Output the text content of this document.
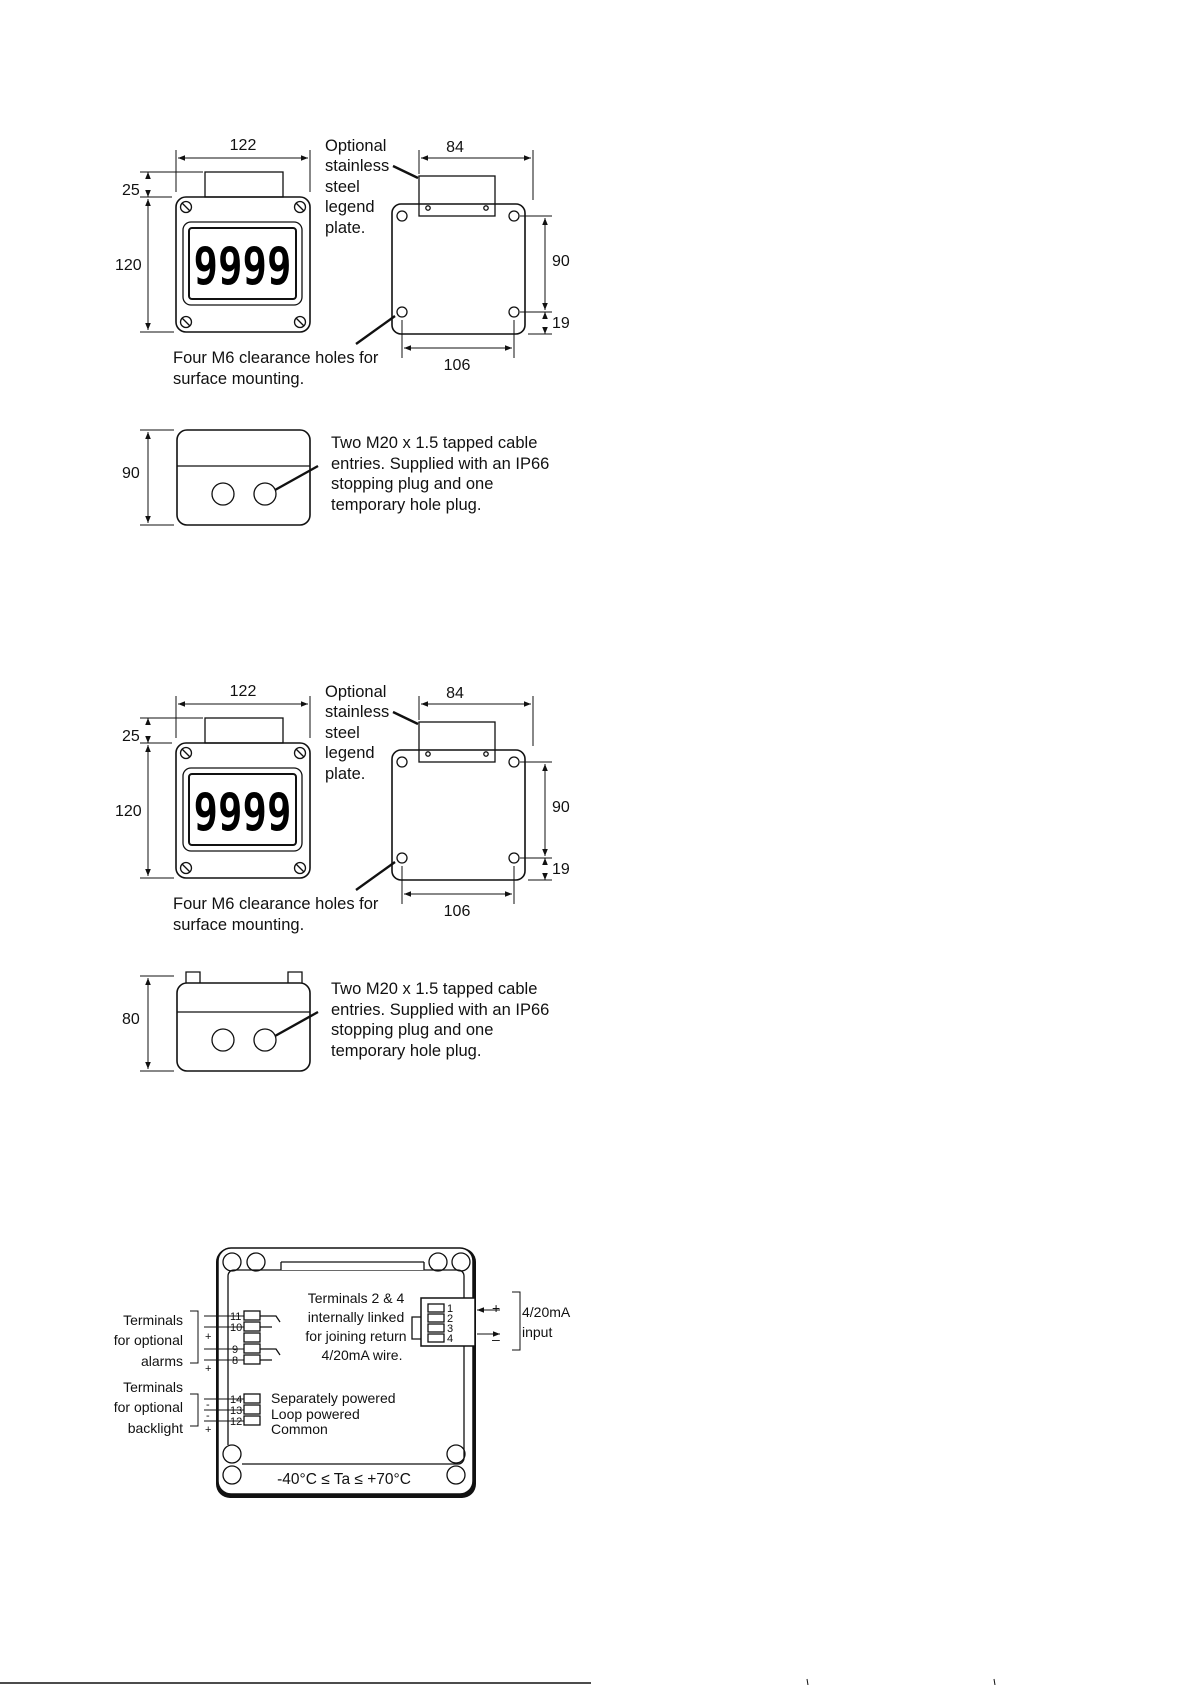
9999
122
25
120
84
90
19
106
90
Optional
stainless
steel
legend
plate.
Four M6 clearance holes for
surface mounting.
Two M20 x 1.5 tapped cable
entries. Supplied with an IP66
stopping plug and one
temporary hole plug.
9999
122
25
120
84
90
19
106
80
Optional
stainless
steel
legend
plate.
Four M6 clearance holes for
surface mounting.
Two M20 x 1.5 tapped cable
entries. Supplied with an IP66
stopping plug and one
temporary hole plug.
Terminals
for optional
alarms
Terminals
for optional
backlight
11
10
9
8
+
+
14
13
12
-
-
+
Separately powered
Loop powered
Common
Terminals 2 & 4
internally linked
for joining return
4/20mA wire.
1
2
3
4
+
–
4/20mA
input
-40°C ≤ Ta ≤ +70°C
